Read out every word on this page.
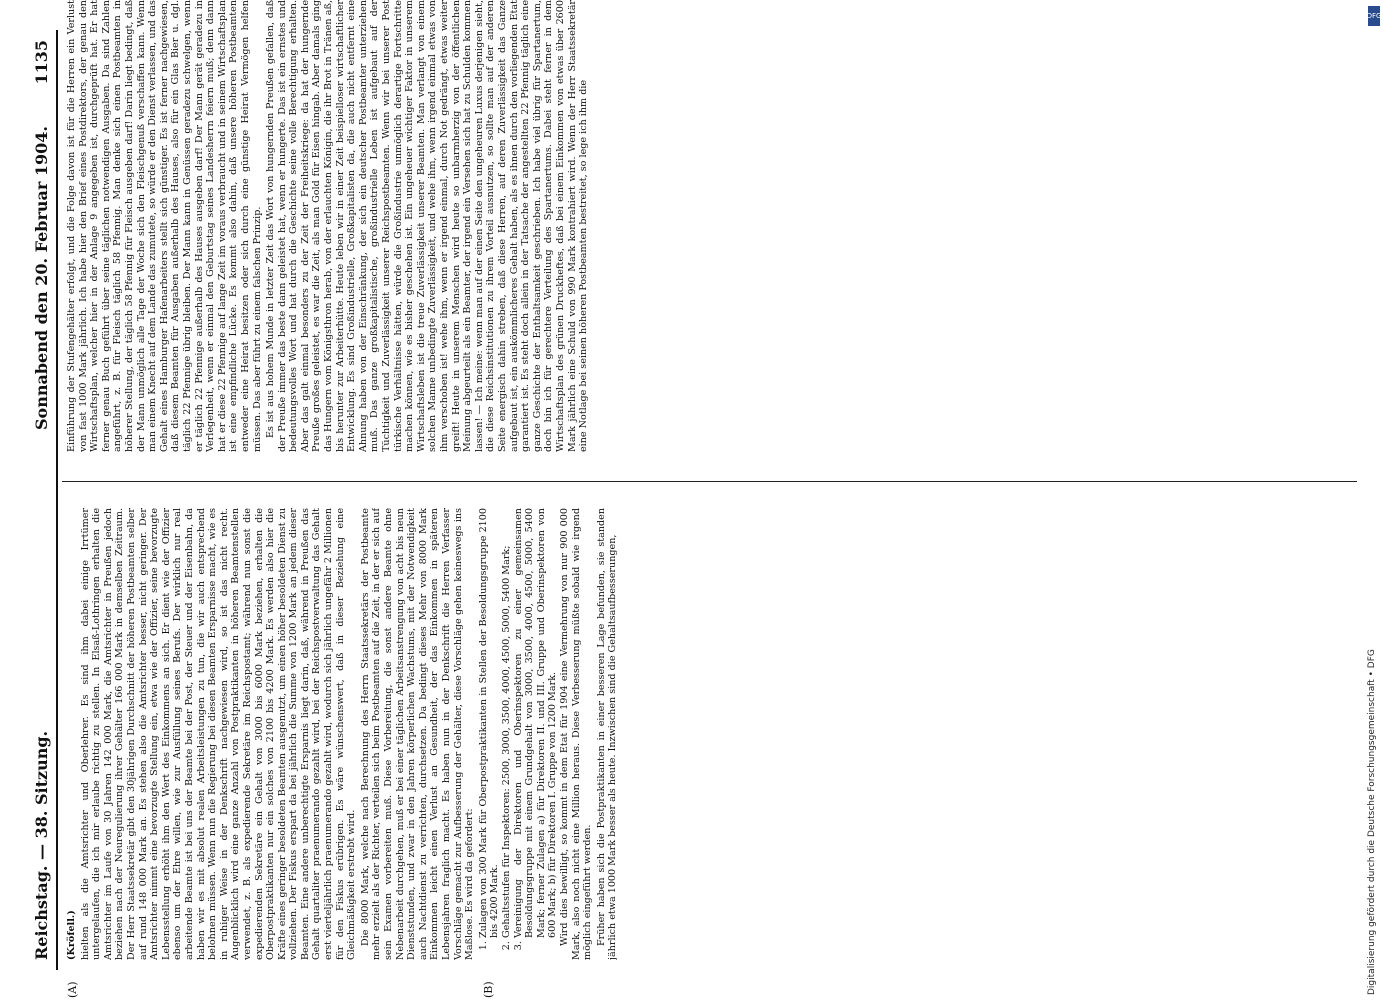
Reichstag. — 38. Sitzung.
Sonnabend den 20. Februar 1904.
1135
(A)	(B)

(Kröfell.) hielten als die Amtsrichter und Oberlehrer. Es sind ihm dabei einige Irrtümer untergelaufen, die ich mir erlaube richtig zu stellen. In Elsaß-Lothringen erhalten die Amtsrichter im Laufe von 30 Jahren 142 000 Mark, die Amtsrichter in Preußen jedoch beziehen nach der Neuregulierung ihrer Gehälter 166 000 Mark in demselben Zeitraum. Der Herr Staatssekretär gibt den 30jährigen Durchschnitt der höheren Postbeamten selber auf rund 148 000 Mark an. Es stehen also die Amtsrichter besser, nicht geringer. Der Amtsrichter nimmt eine bevorzugte Stellung ein, etwa wie der Offizier, seine bevorzugte Lebensstellung erhöht ihm den Wert des Einkommens an sich. Er dient wie der Offizier ebenso um der Ehre willen, wie zur Ausfüllung seines Berufs. Der wirklich nur real arbeitende Beamte ist bei uns der Beamte bei der Post, der Steuer und der Eisenbahn, da haben wir es mit absolut realen Arbeitsleistungen zu tun, die wir auch entsprechend belohnen müssen. Wenn nun die Regierung bei diesen Beamten Ersparnisse macht, wie es in ruhiger Weise in der Denkschrift nachgewiesen wird, so ist das nicht recht. Augenblicklich wird eine ganze Anzahl von Postpraktikanten in höheren Beamtenstellen verwendet, z. B. als expedierende Sekretäre im Reichspostamt; während nun sonst die expedierenden Sekretäre ein Gehalt von 3000 bis 6000 Mark beziehen, erhalten die Oberpostpraktikanten nur ein solches von 2100 bis 4200 Mark. Es werden also hier die Kräfte eines geringer besoldeten Beamten ausgenutzt, um einen höher besoldeten Dienst zu vollziehen. Der Fiskus erspart da bei jährlich die Summe von 1200 Mark an jedem dieser Beamten. Eine andere unberechtigte Ersparnis liegt darin, daß, während in Preußen das Gehalt quartaliter praenumerando gezahlt wird, bei der Reichspostverwaltung das Gehalt erst vierteljährlich praenumerando gezahlt wird, wodurch sich jährlich ungefähr 2 Millionen für den Fiskus erübrigen. Es wäre wünschenswert, daß in dieser Beziehung eine Gleichmäßigkeit erstrebt wird. Die 8000 Mark, welche nach Berechnung des Herrn Staatssekretärs der Postbeamte mehr erzielt als der Richter, verteilen sich beim Postbeamten auf die Zeit, in der er sich auf sein Examen vorbereiten muß. Diese Vorbereitung, die sonst andere Beamte ohne Nebenarbeit durchgehen, muß er bei einer täglichen Arbeitsanstrengung von acht bis neun Dienststunden, und zwar in den Jahren körperlichen Wachstums, mit der Notwendigkeit auch Nachtdienst zu verrichten, durchsetzen. Da bedingt dieses Mehr von 8000 Mark Einkommen leicht einen Verlust an Gesundheit, der das Einkommen in späteren Lebensjahren fraglich macht. Es haben nun in der Denkschrift die Herren Verfasser Vorschläge gemacht zur Aufbesserung der Gehälter, diese Vorschläge gehen keineswegs ins Maßlose. Es wird da gefordert: 1. Zulagen von 300 Mark für Oberpostpraktikanten in Stellen der Besoldungsgruppe 2100 bis 4200 Mark. 2. Gehaltsstufen für Inspektoren: 2500, 3000, 3500, 4000, 4500, 5000, 5400 Mark; 3. Vereinigung der Direktoren und Oberinspektoren zu einer gemeinsamen Besoldungsgruppe mit einem Grundgehalt von 3000, 3500, 4000, 4500, 5000, 5400 Mark; ferner Zulagen a) für Direktoren II. und III. Gruppe und Oberinspektoren von 600 Mark; b) für Direktoren I. Gruppe von 1200 Mark. Wird dies bewilligt, so kommt in dem Etat für 1904 eine Vermehrung von nur 900 000 Mark, also noch nicht eine Million heraus. Diese Verbesserung müßte sobald wie irgend möglich eingeführt werden. Früher haben sich die Postpraktikanten in einer besseren Lage befunden, sie standen jährlich etwa 1000 Mark besser als heute. Inzwischen sind die Gehaltsaufbesserungen,

Einführung der Stufengehälter erfolgt, und die Folge davon ist für die Herren ein Verlust von fast 1000 Mark jährlich. Ich habe hier den Brief eines Postdirektors, der genau den Wirtschaftsplan, welcher hier in der Anlage 9 angegeben ist, durchgeprüft hat. Er hat ferner genau Buch geführt über seine täglichen notwendigen Ausgaben. Da sind Zahlen angeführt, z. B. für Fleisch täglich 58 Pfennig. Man denke sich einen Postbeamten in höherer Stellung, der täglich 58 Pfennig für Fleisch ausgeben darf! Darin liegt bedingt, daß der Mann unmöglich alle Tage der Woche sich den Fleischgenuß verschaffen kann. Wenn man einem Knecht auf dem Lande das zumutete, so würde er den Dienst verlassen, und das Gehalt eines Hamburger Hafenarbeiters stellt sich günstiger. Es ist ferner nachgewiesen, daß diesem Beamten für Ausgaben außerhalb des Hauses, also für ein Glas Bier u. dgl. täglich 22 Pfennige übrig bleiben. Der Mann kann in Genüssen geradezu schwelgen, wenn er täglich 22 Pfennige außerhalb des Hauses ausgeben darf! Der Mann gerät geradezu in Verlegenheit, wenn er einmal den Geburtstag seines Landesherrn feiern muß; denn dann hat er diese 22 Pfennige auf lange Zeit im voraus verbraucht und in seinem Wirtschaftsplan ist eine empfindliche Lücke. Es kommt also dahin, daß unsere höheren Postbeamten entweder eine Heirat besitzen oder sich durch eine günstige Heirat Vermögen helfen müssen. Das aber führt zu einem falschen Prinzip. Es ist aus hohem Munde in letzter Zeit das Wort von hungernden Preußen gefallen, daß der Preuße immer das beste dann geleistet hat, wenn er hungerte. Das ist ein ernstes und bedeutungsvolles Wort und hat durch die Geschichte seine volle Berechtigung erhalten. Aber das galt einmal besonders zu der Zeit der Freiheitskriege: da hat der hungernde Preuße großes geleistet, es war die Zeit, als man Gold für Eisen hingab. Aber damals ging das Hungern vom Königsthron herab, von der erlauchten Königin, die ihr Brot in Tränen aß, bis herunter zur Arbeiterhütte. Heute leben wir in einer Zeit beispielloser wirtschaftlicher Entwicklung. Es sind Großindustrielle, Großkapitalisten da, die auch nicht entfernt eine Ahnung haben von der Einschränkung, der sich ein deutscher Postbeamter unterziehen muß. Das ganze großkapitalistische, großindustrielle Leben ist aufgebaut auf der Tüchtigkeit und Zuverlässigkeit unserer Reichspostbeamten. Wenn wir bei unserer Post türkische Verhältnisse hätten, würde die Großindustrie unmöglich derartige Fortschritte machen können, wie es bisher geschehen ist. Ein ungeheuer wichtiger Faktor in unserem Wirtschaftsleben ist die treue Zuverlässigkeit unserer Beamten. Man verlangt von einem solchen Manne unbedingte Zuverlässigkeit, und wehe ihm, wenn irgend einmal etwas von ihm verschoben ist! wehe ihm, wenn er irgend einmal, durch Not gedrängt, etwas weiter greift! Heute in unserem Menschen wird heute so unbarmherzig von der öffentlichen Meinung abgeurteilt als ein Beamter, der irgend ein Versehen sich hat zu Schulden kommen lassen! — Ich meine: wenn man auf der einen Seite den ungeheuren Luxus derjenigen sieht, die diese Reichsinstitutionen zu ihrem Vorteil ausnutzen, so sollte man auf der anderen Seite energisch dahin streben, daß diese Herren, auf deren Zuverlässigkeit das Ganze aufgebaut ist, ein auskömmlicheres Gehalt haben, als es ihnen durch den vorliegenden Etat garantiert ist. Es steht doch allein in der Tatsache der angestellten 22 Pfennig täglich eine ganze Geschichte der Enthaltsamkeit geschrieben. Ich habe viel übrig für Spartanertum, doch bin ich für gerechtere Verteilung des Spartanertums. Dabei steht ferner in dem Wirtschaftsplan des grünen Druckheftes, daß bei einem Einkommen von etwas über 2600 Mark jährlich eine Schuld von 990 Mark kontrahiert wird. Wenn der Herr Staatssekretär eine Notlage bei seinen höheren Postbeamten bestreitet, so lege ich ihm die

DFG
Digitalisierung gefördert durch die Deutsche Forschungsgemeinschaft • DFG
